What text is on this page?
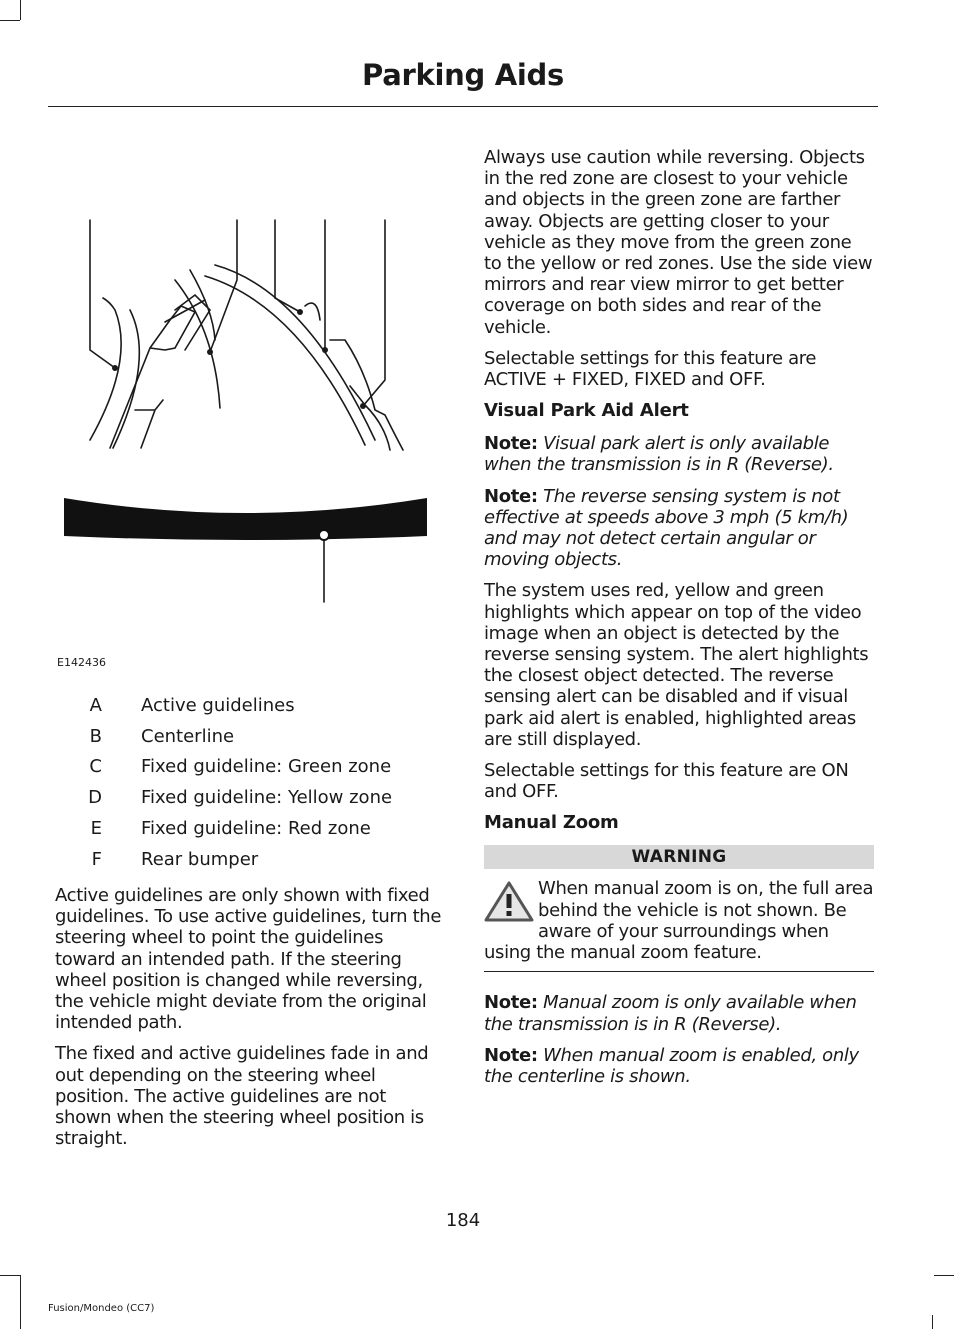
Parking Aids
E142436
A	Active guidelines
B	Centerline
C	Fixed guideline: Green zone
D	Fixed guideline: Yellow zone
E	Fixed guideline: Red zone
F	Rear bumper

Active guidelines are only shown with fixed guidelines. To use active guidelines, turn the steering wheel to point the guidelines toward an intended path. If the steering wheel position is changed while reversing, the vehicle might deviate from the original intended path.

The fixed and active guidelines fade in and out depending on the steering wheel position. The active guidelines are not shown when the steering wheel position is straight.

Always use caution while reversing. Objects in the red zone are closest to your vehicle and objects in the green zone are farther away. Objects are getting closer to your vehicle as they move from the green zone to the yellow or red zones. Use the side view mirrors and rear view mirror to get better coverage on both sides and rear of the vehicle.

Selectable settings for this feature are ACTIVE + FIXED, FIXED and OFF.

Visual Park Aid Alert

Note: Visual park alert is only available when the transmission is in R (Reverse).

Note: The reverse sensing system is not effective at speeds above 3 mph (5 km/h) and may not detect certain angular or moving objects.

The system uses red, yellow and green highlights which appear on top of the video image when an object is detected by the reverse sensing system. The alert highlights the closest object detected. The reverse sensing alert can be disabled and if visual park aid alert is enabled, highlighted areas are still displayed.

Selectable settings for this feature are ON and OFF.

Manual Zoom
WARNING

When manual zoom is on, the full area behind the vehicle is not shown. Be aware of your surroundings when using the manual zoom feature.

Note: Manual zoom is only available when the transmission is in R (Reverse).

Note: When manual zoom is enabled, only the centerline is shown.

184
Fusion/Mondeo (CC7)
